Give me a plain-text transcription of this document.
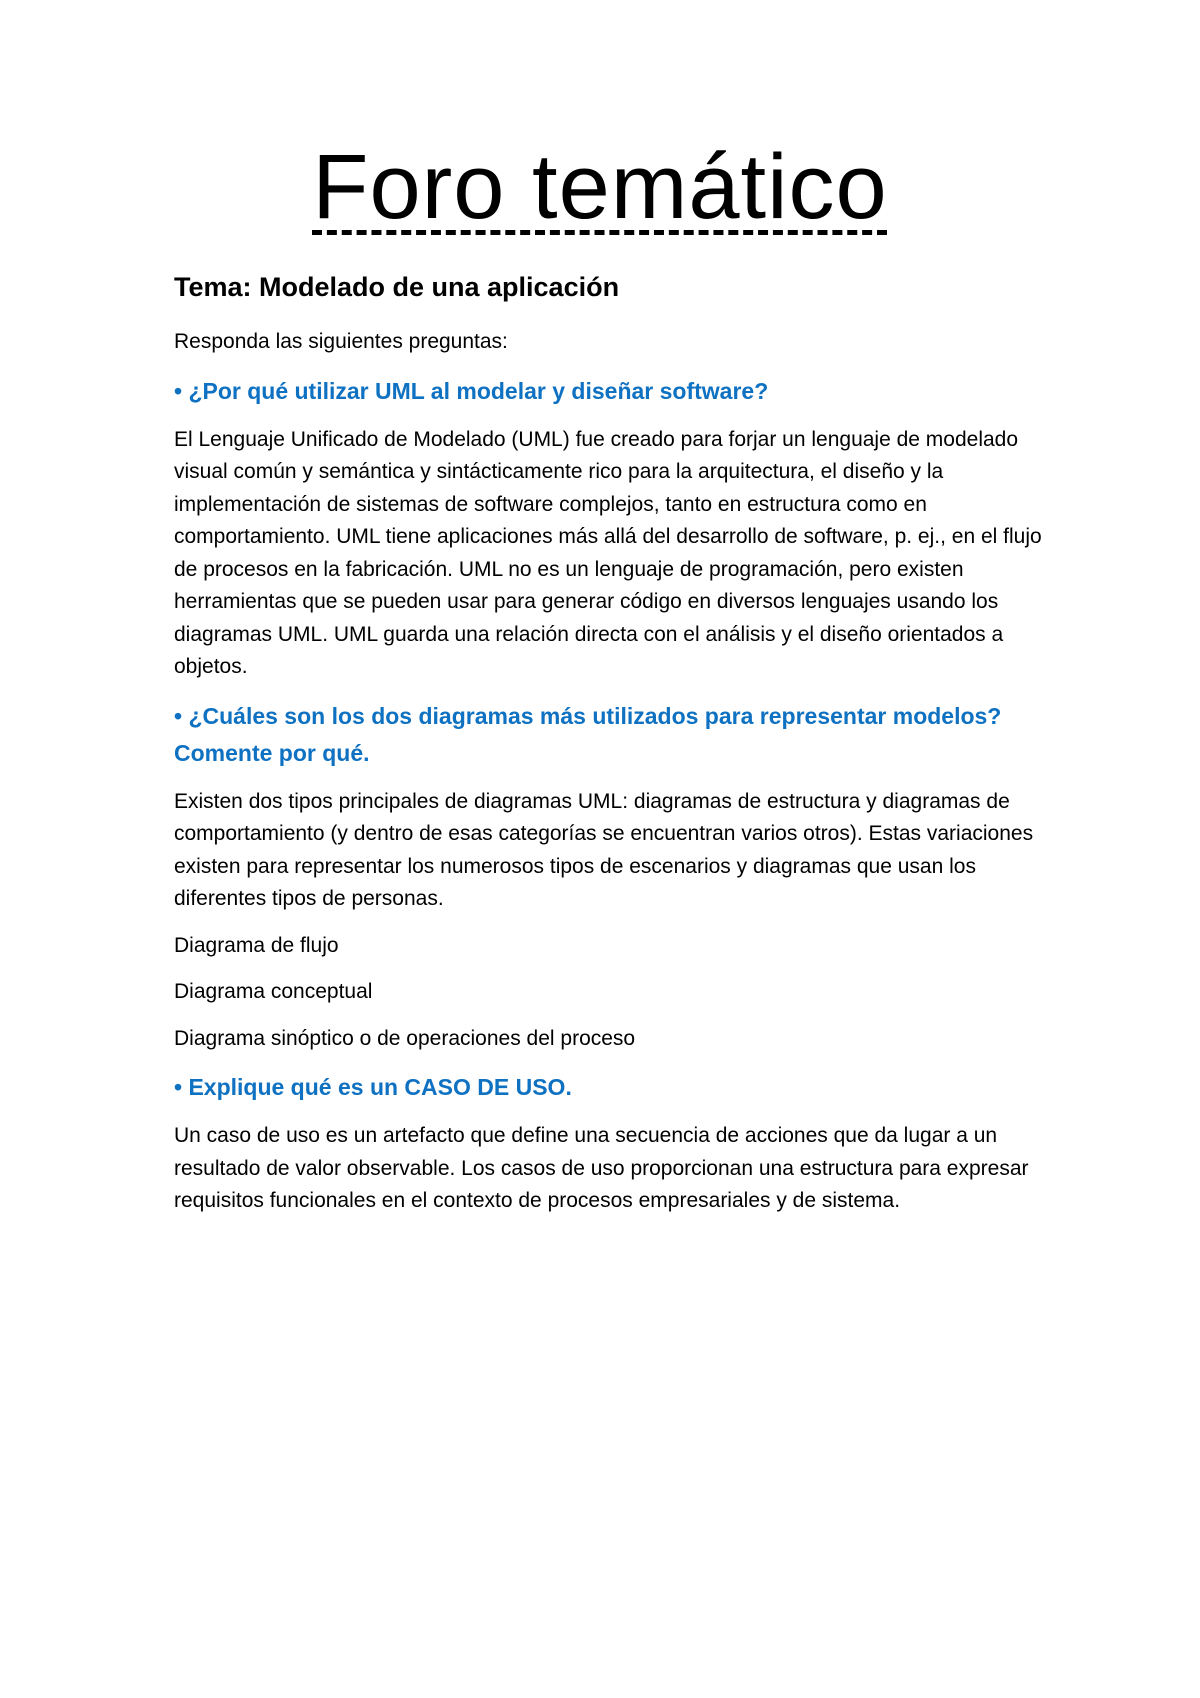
Foro temático
Tema: Modelado de una aplicación

Responda las siguientes preguntas:

• ¿Por qué utilizar UML al modelar y diseñar software?

El Lenguaje Unificado de Modelado (UML) fue creado para forjar un lenguaje de modelado visual común y semántica y sintácticamente rico para la arquitectura, el diseño y la implementación de sistemas de software complejos, tanto en estructura como en comportamiento. UML tiene aplicaciones más allá del desarrollo de software, p. ej., en el flujo de procesos en la fabricación. UML no es un lenguaje de programación, pero existen herramientas que se pueden usar para generar código en diversos lenguajes usando los diagramas UML. UML guarda una relación directa con el análisis y el diseño orientados a objetos.

• ¿Cuáles son los dos diagramas más utilizados para representar modelos? Comente por qué.

Existen dos tipos principales de diagramas UML: diagramas de estructura y diagramas de comportamiento (y dentro de esas categorías se encuentran varios otros). Estas variaciones existen para representar los numerosos tipos de escenarios y diagramas que usan los diferentes tipos de personas.

Diagrama de flujo

Diagrama conceptual

Diagrama sinóptico o de operaciones del proceso

• Explique qué es un CASO DE USO.

Un caso de uso es un artefacto que define una secuencia de acciones que da lugar a un resultado de valor observable. Los casos de uso proporcionan una estructura para expresar requisitos funcionales en el contexto de procesos empresariales y de sistema.
